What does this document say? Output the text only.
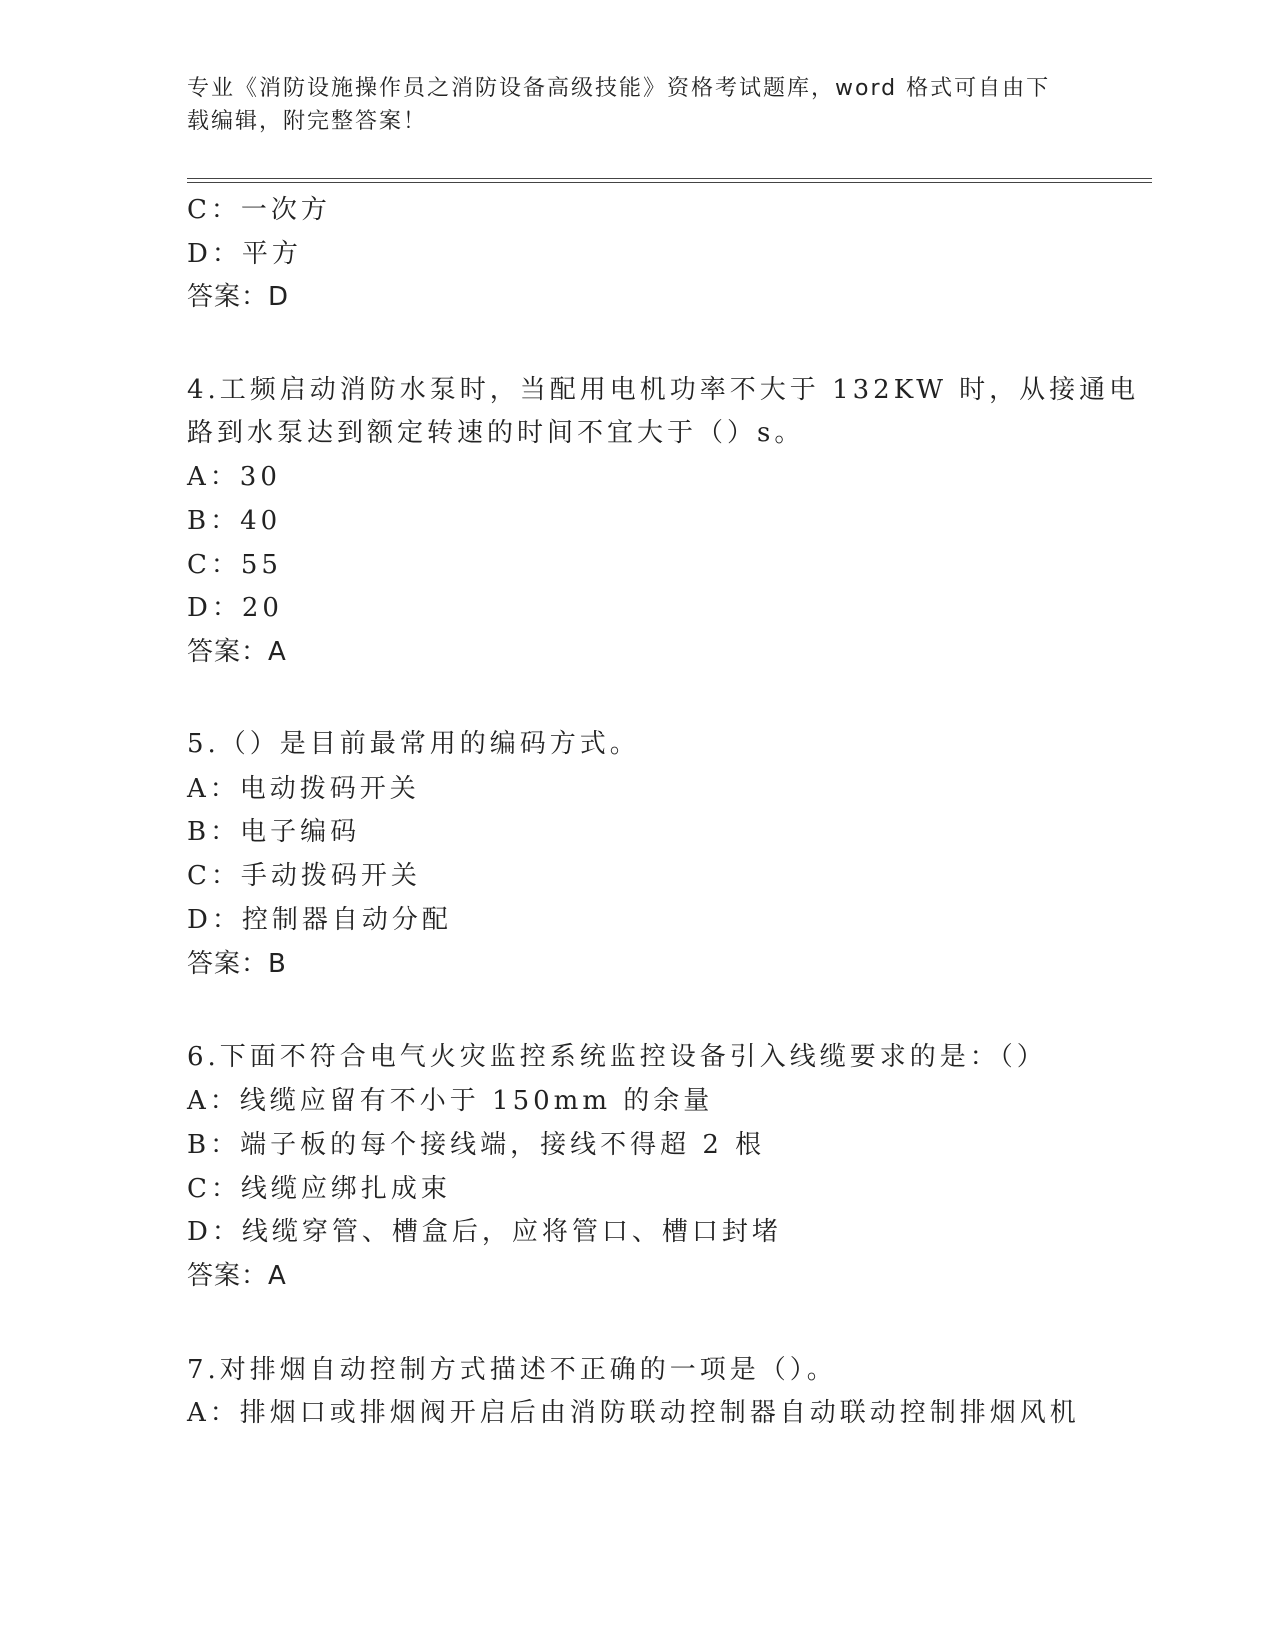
专业《消防设施操作员之消防设备高级技能》资格考试题库，word 格式可自由下
载编辑，附完整答案！
C：一次方
D：平方
答案：D
4.工频启动消防水泵时，当配用电机功率不大于 132KW 时，从接通电
路到水泵达到额定转速的时间不宜大于（）s。
A：30
B：40
C：55
D：20
答案：A
5.（）是目前最常用的编码方式。
A：电动拨码开关
B：电子编码
C：手动拨码开关
D：控制器自动分配
答案：B
6.下面不符合电气火灾监控系统监控设备引入线缆要求的是：（）
A：线缆应留有不小于 150mm 的余量
B：端子板的每个接线端，接线不得超 2 根
C：线缆应绑扎成束
D：线缆穿管、槽盒后，应将管口、槽口封堵
答案：A
7.对排烟自动控制方式描述不正确的一项是（）。
A：排烟口或排烟阀开启后由消防联动控制器自动联动控制排烟风机
